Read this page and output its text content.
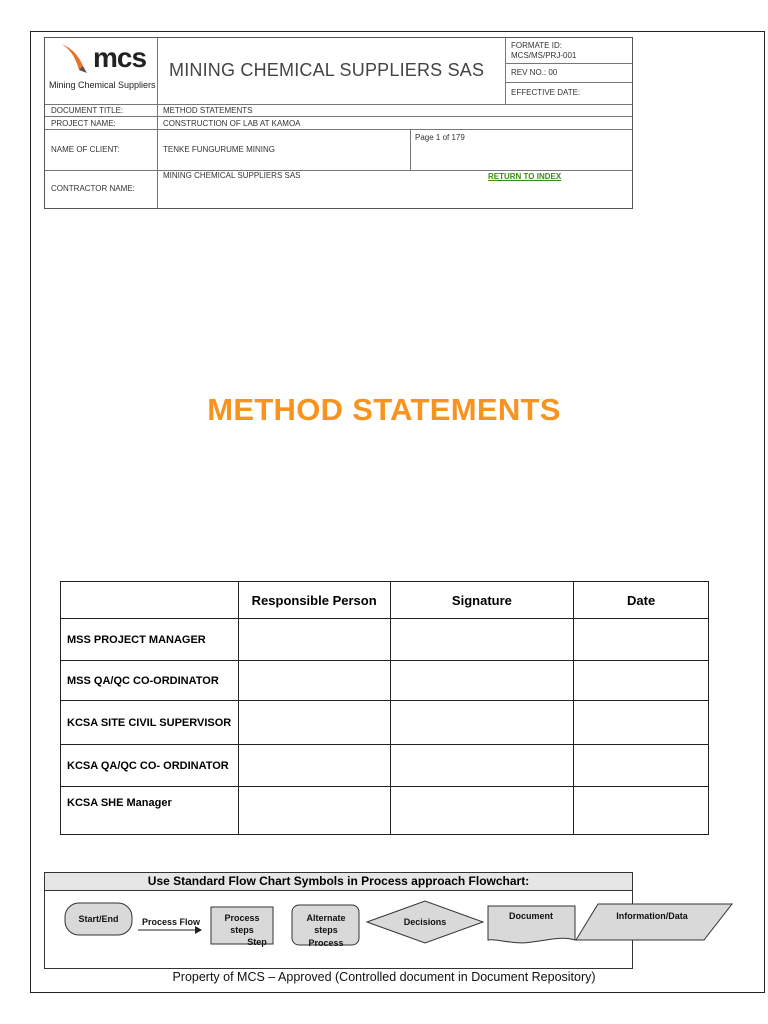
mcs
Mining Chemical Suppliers
MINING CHEMICAL SUPPLIERS SAS
FORMATE ID:
MCS/MS/PRJ-001
REV NO.: 00
EFFECTIVE DATE:
DOCUMENT TITLE:	METHOD STATEMENTS
PROJECT NAME:	CONSTRUCTION OF LAB AT KAMOA
NAME OF CLIENT:	TENKE FUNGURUME MINING
Page 1 of 179
CONTRACTOR NAME:
MINING CHEMICAL SUPPLIERS SAS	RETURN TO INDEX
METHOD STATEMENTS
	Responsible Person	Signature	Date
MSS PROJECT MANAGER			
MSS QA/QC CO-ORDINATOR			
KCSA SITE CIVIL SUPERVISOR			
KCSA QA/QC CO- ORDINATOR			
KCSA SHE Manager			
Use Standard Flow Chart Symbols in Process approach Flowchart:
Start/End	Process Flow	Process steps
Step
Alternate steps
Process
Decisions
Document	Information/Data
Property of MCS – Approved (Controlled document in Document Repository)
